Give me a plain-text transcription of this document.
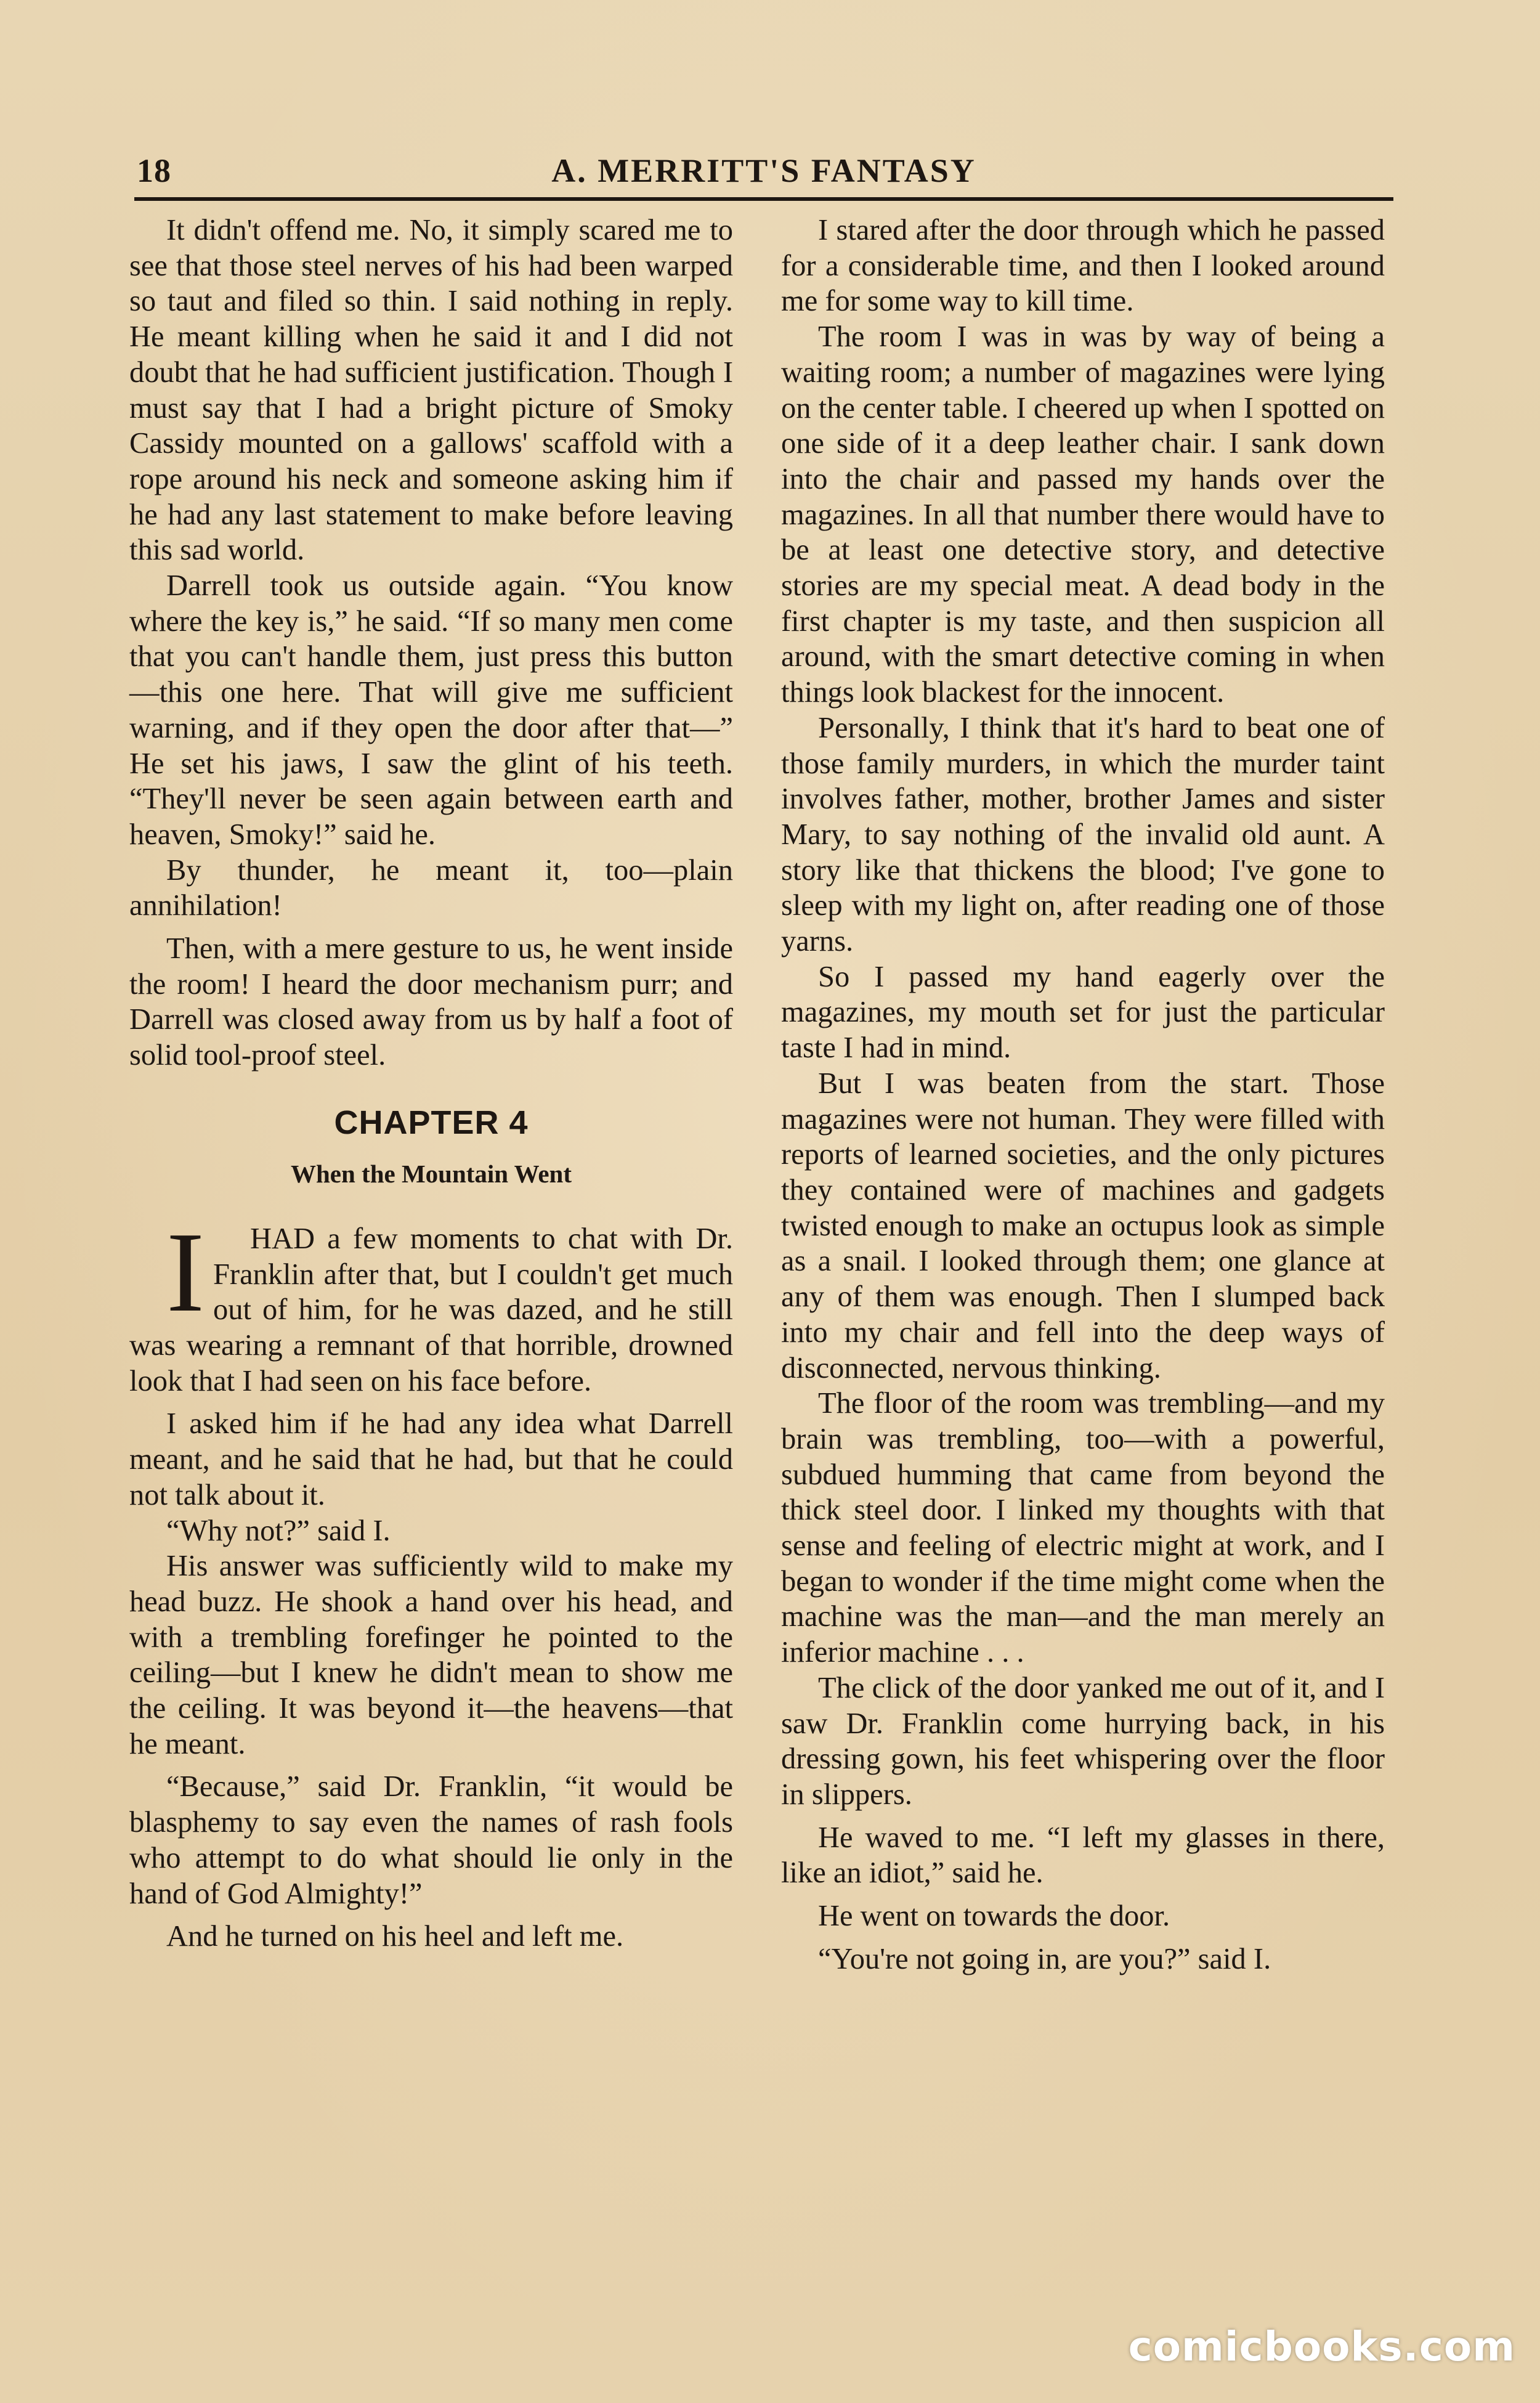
18	A. MERRITT'S FANTASY

It didn't offend me. No, it simply scared me to see that those steel nerves of his had been warped so taut and filed so thin. I said nothing in reply. He meant killing when he said it and I did not doubt that he had sufficient justification. Though I must say that I had a bright picture of Smoky Cassidy mounted on a gallows' scaffold with a rope around his neck and someone asking him if he had any last statement to make before leaving this sad world.

Darrell took us outside again. “You know where the key is,” he said. “If so many men come that you can't handle them, just press this button—this one here. That will give me sufficient warning, and if they open the door after that—” He set his jaws, I saw the glint of his teeth. “They'll never be seen again between earth and heaven, Smoky!” said he.

By thunder, he meant it, too—plain annihilation!

Then, with a mere gesture to us, he went inside the room! I heard the door mechanism purr; and Darrell was closed away from us by half a foot of solid tool-proof steel.

CHAPTER 4
When the Mountain Went

I HAD a few moments to chat with Dr. Franklin after that, but I couldn't get much out of him, for he was dazed, and he still was wearing a remnant of that horrible, drowned look that I had seen on his face before.

I asked him if he had any idea what Darrell meant, and he said that he had, but that he could not talk about it.

“Why not?” said I.

His answer was sufficiently wild to make my head buzz. He shook a hand over his head, and with a trembling forefinger he pointed to the ceiling—but I knew he didn't mean to show me the ceiling. It was beyond it—the heavens—that he meant.

“Because,” said Dr. Franklin, “it would be blasphemy to say even the names of rash fools who attempt to do what should lie only in the hand of God Almighty!”

And he turned on his heel and left me.

I stared after the door through which he passed for a considerable time, and then I looked around me for some way to kill time.

The room I was in was by way of being a waiting room; a number of magazines were lying on the center table. I cheered up when I spotted on one side of it a deep leather chair. I sank down into the chair and passed my hands over the magazines. In all that number there would have to be at least one detective story, and detective stories are my special meat. A dead body in the first chapter is my taste, and then suspicion all around, with the smart detective coming in when things look blackest for the innocent.

Personally, I think that it's hard to beat one of those family murders, in which the murder taint involves father, mother, brother James and sister Mary, to say nothing of the invalid old aunt. A story like that thickens the blood; I've gone to sleep with my light on, after reading one of those yarns.

So I passed my hand eagerly over the magazines, my mouth set for just the particular taste I had in mind.

But I was beaten from the start. Those magazines were not human. They were filled with reports of learned societies, and the only pictures they contained were of machines and gadgets twisted enough to make an octupus look as simple as a snail. I looked through them; one glance at any of them was enough. Then I slumped back into my chair and fell into the deep ways of disconnected, nervous thinking.

The floor of the room was trembling—and my brain was trembling, too—with a powerful, subdued humming that came from beyond the thick steel door. I linked my thoughts with that sense and feeling of electric might at work, and I began to wonder if the time might come when the machine was the man—and the man merely an inferior machine . . .

The click of the door yanked me out of it, and I saw Dr. Franklin come hurrying back, in his dressing gown, his feet whispering over the floor in slippers.

He waved to me. “I left my glasses in there, like an idiot,” said he.

He went on towards the door.

“You're not going in, are you?” said I.

comicbooks.com
